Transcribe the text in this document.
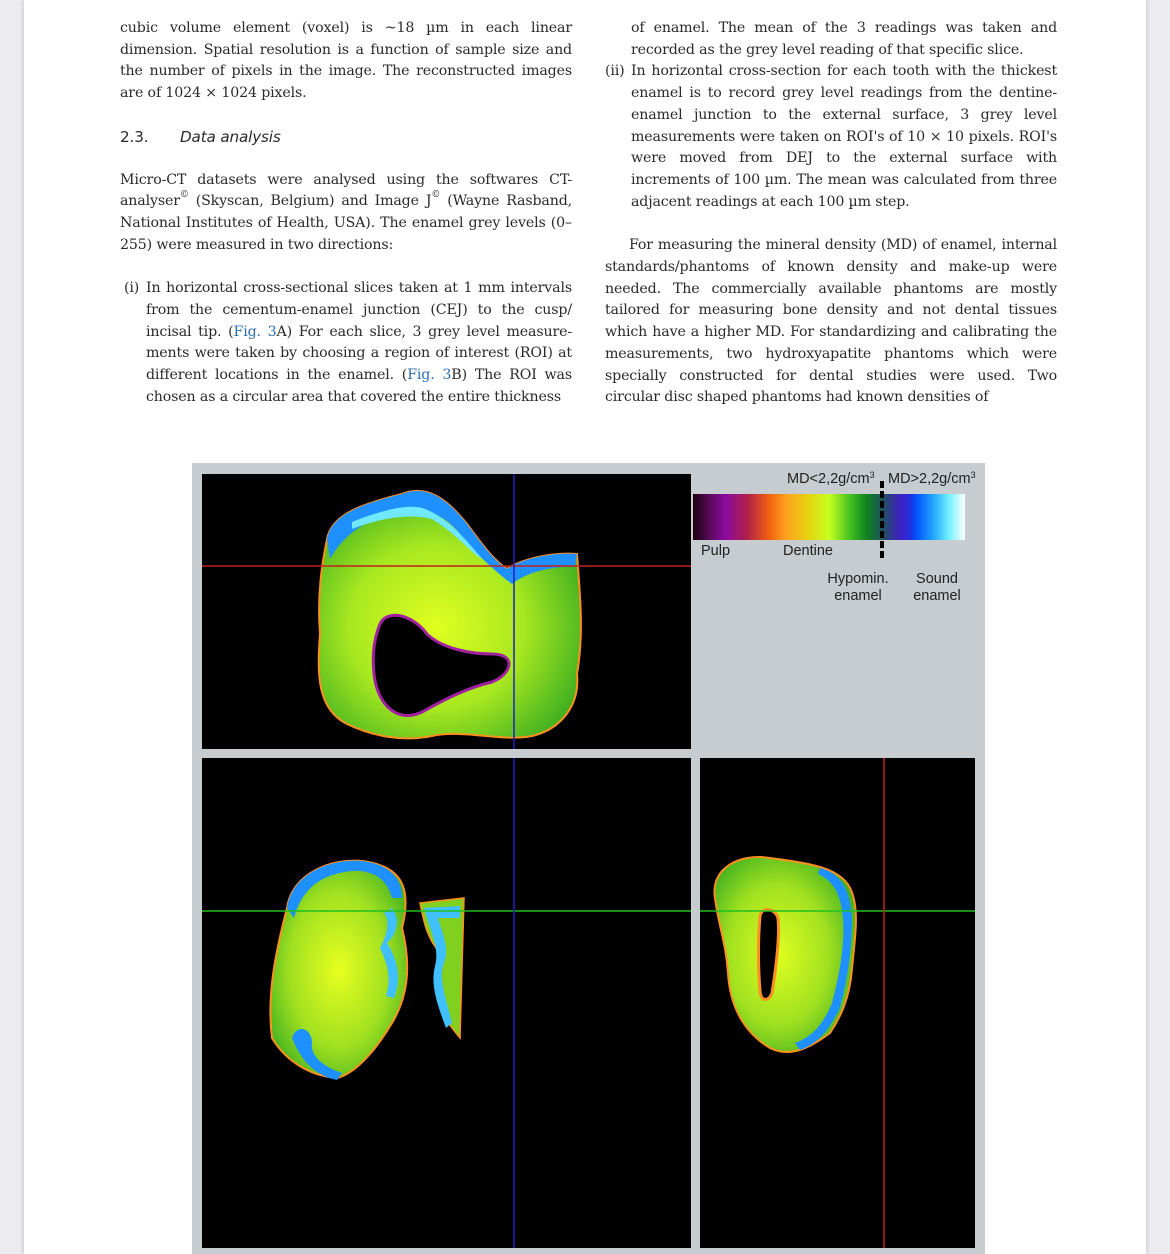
cubic volume element (voxel) is ~18 µm in each linear dimension. Spatial resolution is a function of sample size and the number of pixels in the image. The reconstructed images are of 1024 × 1024 pixels.

2.3. Data analysis

Micro-CT datasets were analysed using the softwares CT-analyser© (Skyscan, Belgium) and Image J© (Wayne Rasband, National Institutes of Health, USA). The enamel grey levels (0–255) were measured in two directions:

(i) In horizontal cross-sectional slices taken at 1 mm intervals from the cementum-enamel junction (CEJ) to the cusp/ incisal tip. (Fig. 3A) For each slice, 3 grey level measure-ments were taken by choosing a region of interest (ROI) at different locations in the enamel. (Fig. 3B) The ROI was chosen as a circular area that covered the entire thickness
of enamel. The mean of the 3 readings was taken and recorded as the grey level reading of that specific slice.
(ii) In horizontal cross-section for each tooth with the thickest enamel is to record grey level readings from the dentine-enamel junction to the external surface, 3 grey level measurements were taken on ROI's of 10 × 10 pixels. ROI's were moved from DEJ to the external surface with increments of 100 µm. The mean was calculated from three adjacent readings at each 100 µm step.

For measuring the mineral density (MD) of enamel, internal standards/phantoms of known density and make-up were needed. The commercially available phantoms are mostly tailored for measuring bone density and not dental tissues which have a higher MD. For standardizing and calibrating the measurements, two hydroxyapatite phantoms which were specially constructed for dental studies were used. Two circular disc shaped phantoms had known densities of

$MD<2,2g/cm^3$ $MD>2,2g/cm^3$
Pulp	Dentine
Hypomin.
enamel
Sound
enamel
